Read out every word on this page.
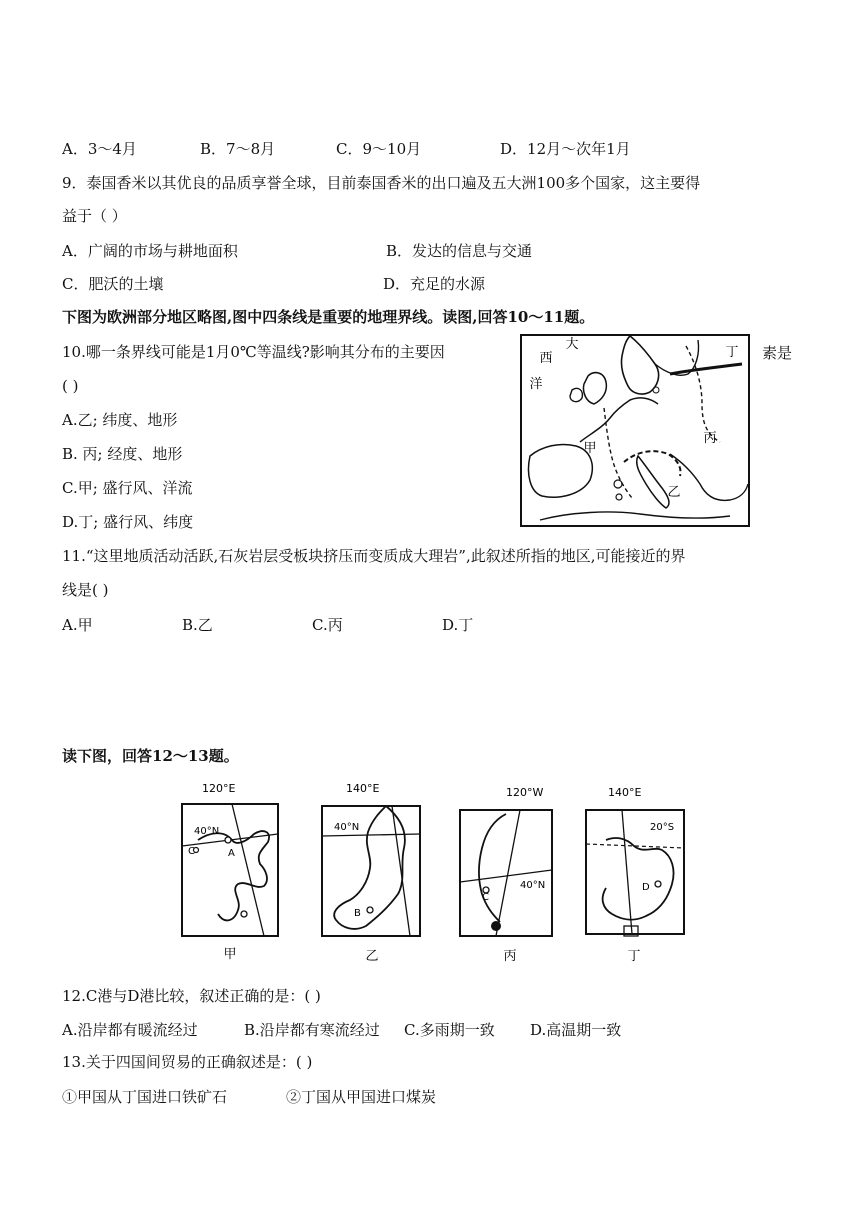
A．3～4月	B．7～8月	C．9～10月	D．12月～次年1月
9．泰国香米以其优良的品质享誉全球，目前泰国香米的出口遍及五大洲100多个国家，这主要得
益于（ ）
A．广阔的市场与耕地面积	B．发达的信息与交通
C．肥沃的土壤	D．充足的水源
下图为欧洲部分地区略图,图中四条线是重要的地理界线。读图,回答10～11题。
10.哪一条界线可能是1月0℃等温线?影响其分布的主要因	素是
( )
A.乙; 纬度、地形
B. 丙; 经度、地形
C.甲; 盛行风、洋流
D.丁; 盛行风、纬度
大
西
洋
甲
乙
丙
丁
11.“这里地质活动活跃,石灰岩层受板块挤压而变质成大理岩”,此叙述所指的地区,可能接近的界
线是( )
A.甲	B.乙	C.丙	D.丁
读下图，回答12～13题。
120°E
40°N
A
C
甲
140°E
40°N
B
乙
120°W
40°N
C
丙
140°E
20°S
D
丁
12.C港与D港比较，叙述正确的是：( )
A.沿岸都有暖流经过	B.沿岸都有寒流经过 C.多雨期一致 D.高温期一致
13.关于四国间贸易的正确叙述是：( )
①甲国从丁国进口铁矿石	②丁国从甲国进口煤炭
